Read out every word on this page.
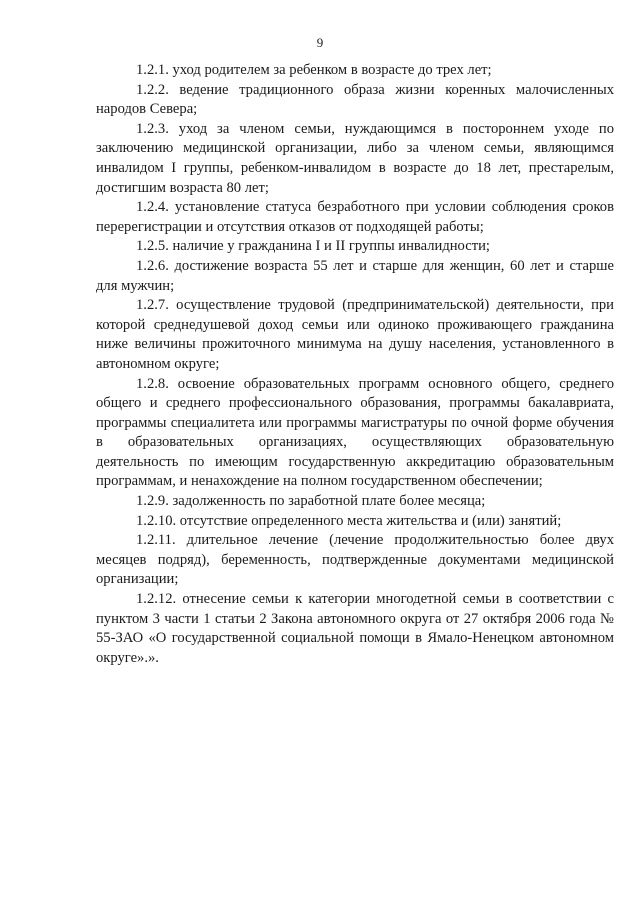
9

1.2.1. уход родителем за ребенком в возрасте до трех лет;

1.2.2. ведение традиционного образа жизни коренных малочисленных народов Севера;

1.2.3. уход за членом семьи, нуждающимся в постороннем уходе по заключению медицинской организации, либо за членом семьи, являющимся инвалидом I группы, ребенком-инвалидом в возрасте до 18 лет, престарелым, достигшим возраста 80 лет;

1.2.4. установление статуса безработного при условии соблюдения сроков перерегистрации и отсутствия отказов от подходящей работы;

1.2.5. наличие у гражданина I и II группы инвалидности;

1.2.6. достижение возраста 55 лет и старше для женщин, 60 лет и старше для мужчин;

1.2.7. осуществление трудовой (предпринимательской) деятельности, при которой среднедушевой доход семьи или одиноко проживающего гражданина ниже величины прожиточного минимума на душу населения, установленного в автономном округе;

1.2.8. освоение образовательных программ основного общего, среднего общего и среднего профессионального образования, программы бакалавриата, программы специалитета или программы магистратуры по очной форме обучения в образовательных организациях, осуществляющих образовательную деятельность по имеющим государственную аккредитацию образовательным программам, и ненахождение на полном государственном обеспечении;

1.2.9. задолженность по заработной плате более месяца;

1.2.10. отсутствие определенного места жительства и (или) занятий;

1.2.11. длительное лечение (лечение продолжительностью более двух месяцев подряд), беременность, подтвержденные документами медицинской организации;

1.2.12. отнесение семьи к категории многодетной семьи в соответствии с пунктом 3 части 1 статьи 2 Закона автономного округа от 27 октября 2006 года № 55-ЗАО «О государственной социальной помощи в Ямало-Ненецком автономном округе».».
